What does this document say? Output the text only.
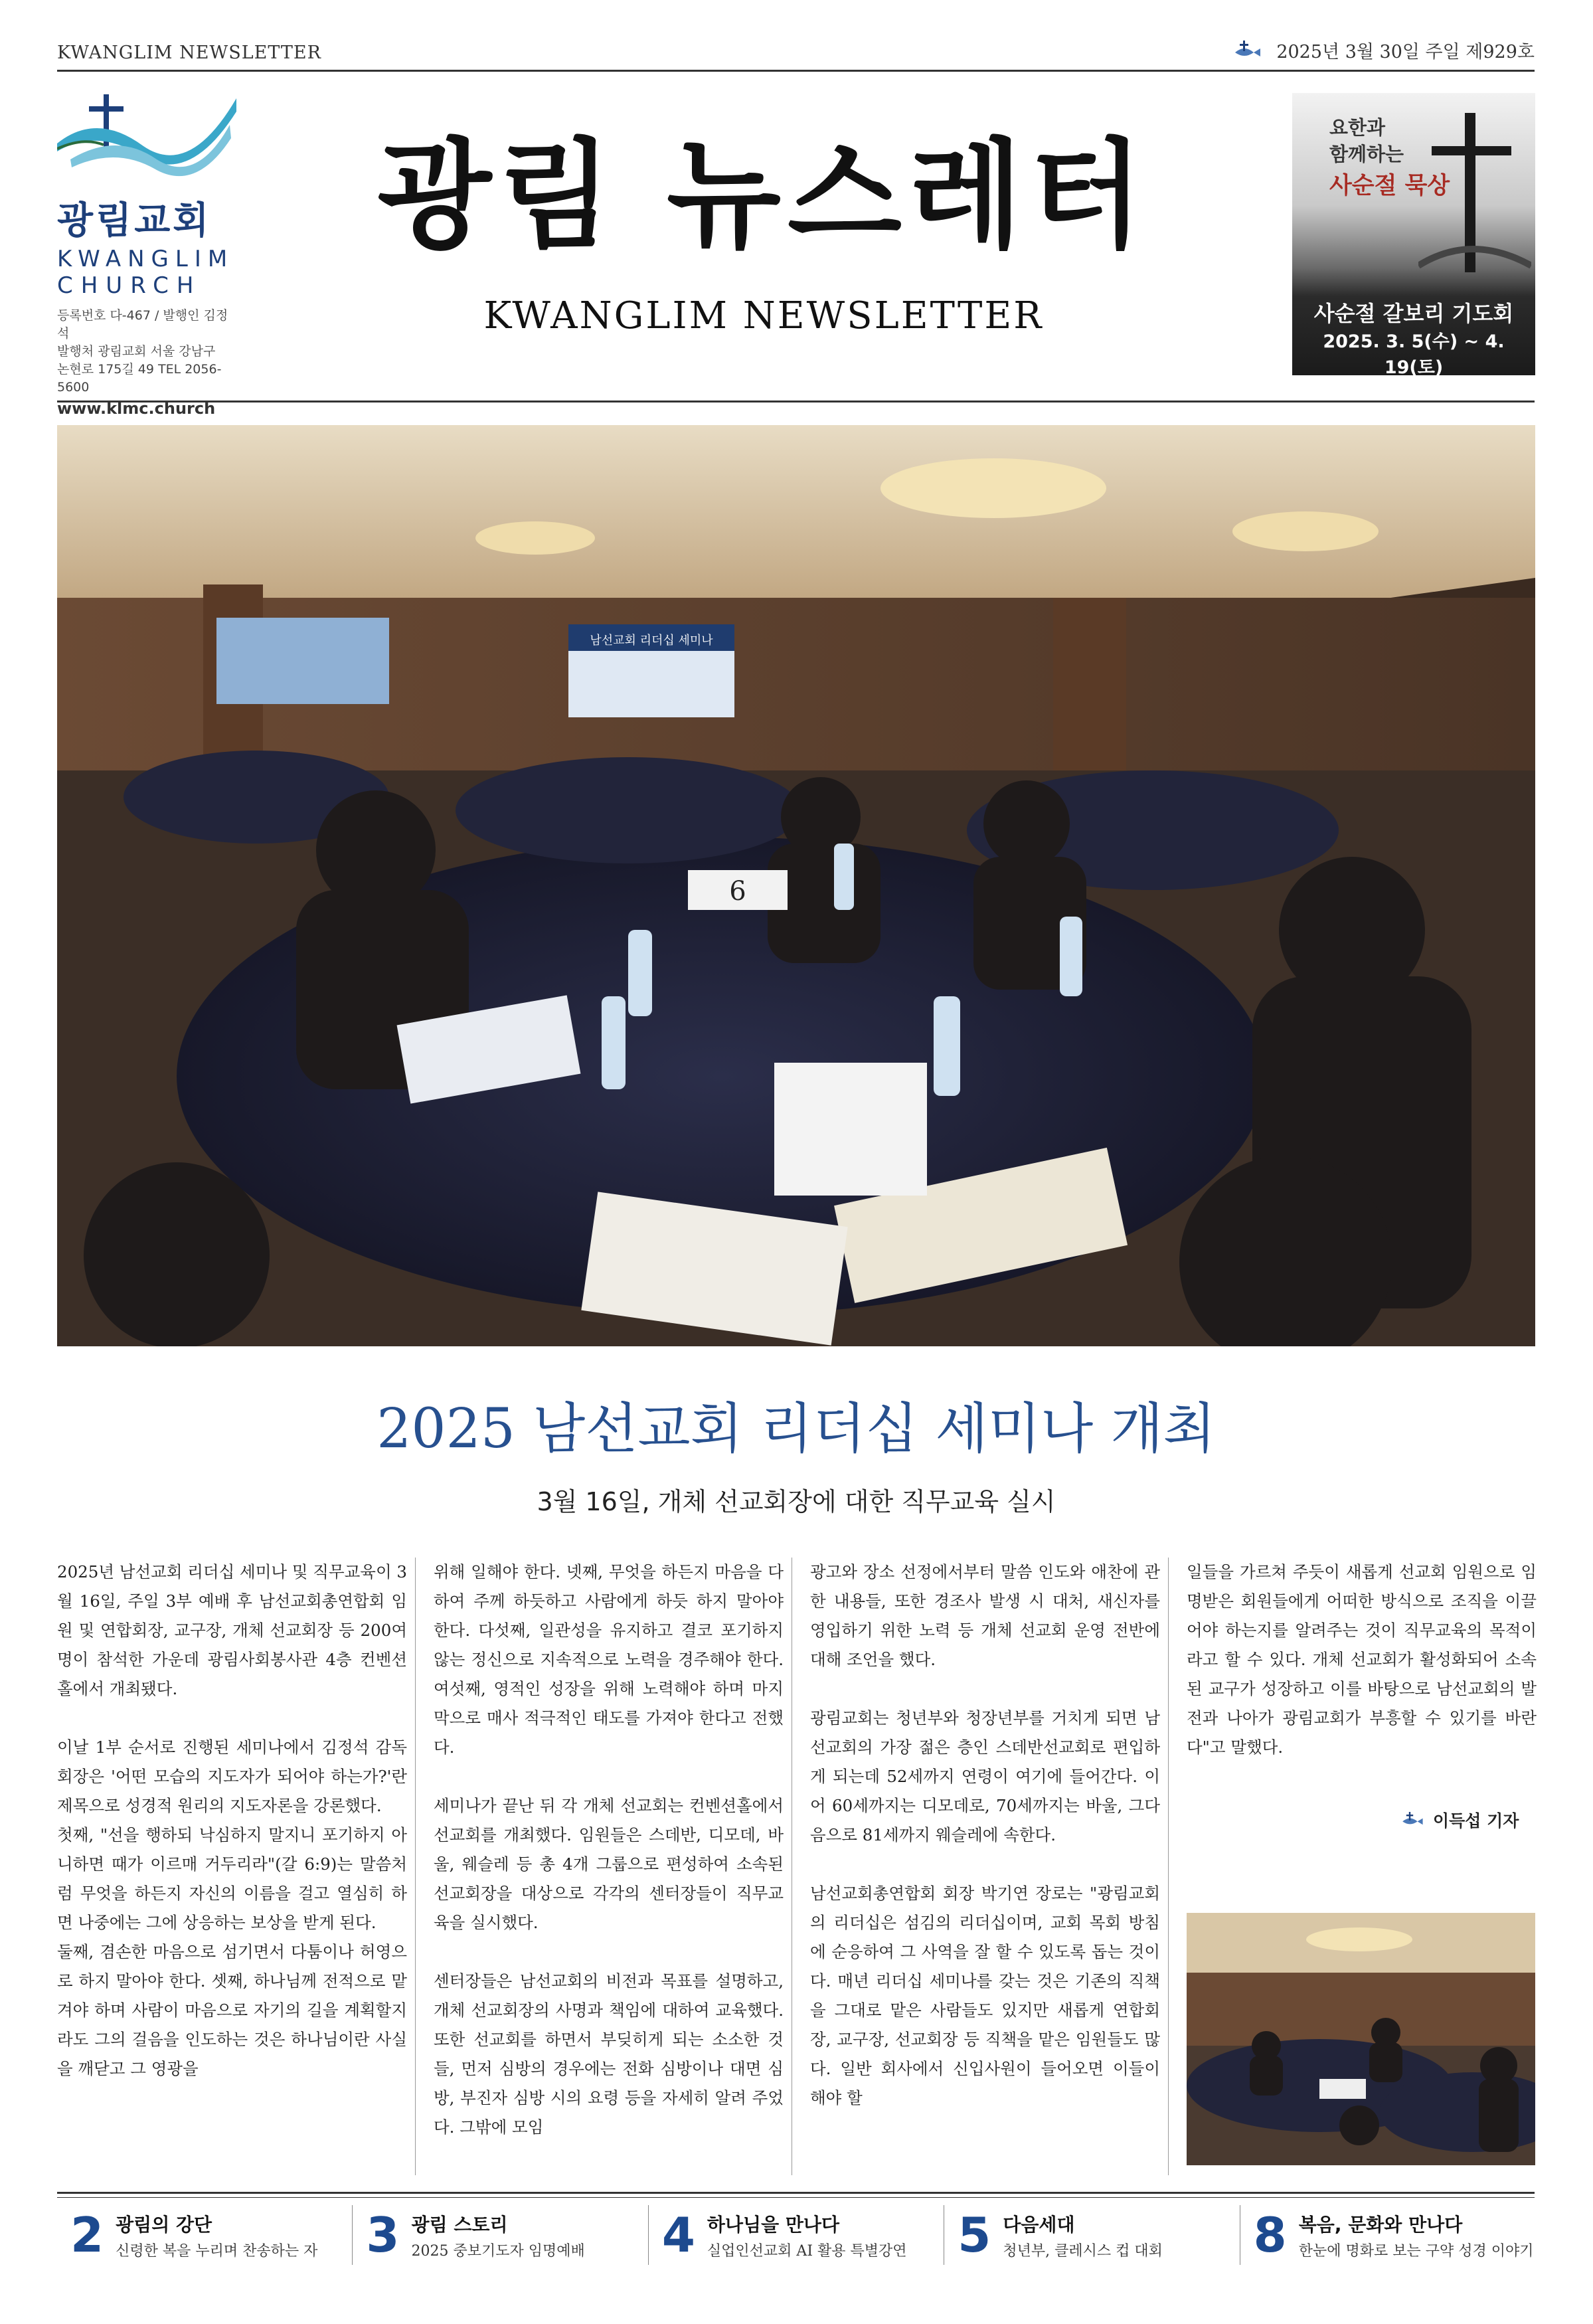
KWANGLIM NEWSLETTER	2025년 3월 30일 주일 제929호
광림교회
KWANGLIM
CHURCH
등록번호 다-467 / 발행인 김정석
발행처 광림교회 서울 강남구
논현로 175길 49 TEL 2056-5600
www.klmc.church
광림 뉴스레터
KWANGLIM NEWSLETTER
요한과
함께하는
사순절 묵상
사순절 갈보리 기도회
2025. 3. 5(수) ~ 4. 19(토)
남선교회 리더십 세미나
6
2025 남선교회 리더십 세미나 개최
3월 16일, 개체 선교회장에 대한 직무교육 실시

2025년 남선교회 리더십 세미나 및 직무교육이 3월 16일, 주일 3부 예배 후 남선교회총연합회 임원 및 연합회장, 교구장, 개체 선교회장 등 200여 명이 참석한 가운데 광림사회봉사관 4층 컨벤션홀에서 개최됐다.

이날 1부 순서로 진행된 세미나에서 김정석 감독회장은 '어떤 모습의 지도자가 되어야 하는가?'란 제목으로 성경적 원리의 지도자론을 강론했다.

첫째, "선을 행하되 낙심하지 말지니 포기하지 아니하면 때가 이르매 거두리라"(갈 6:9)는 말씀처럼 무엇을 하든지 자신의 이름을 걸고 열심히 하면 나중에는 그에 상응하는 보상을 받게 된다.

둘째, 겸손한 마음으로 섬기면서 다툼이나 허영으로 하지 말아야 한다. 셋째, 하나님께 전적으로 맡겨야 하며 사람이 마음으로 자기의 길을 계획할지라도 그의 걸음을 인도하는 것은 하나님이란 사실을 깨닫고 그 영광을

위해 일해야 한다. 넷째, 무엇을 하든지 마음을 다하여 주께 하듯하고 사람에게 하듯 하지 말아야 한다. 다섯째, 일관성을 유지하고 결코 포기하지 않는 정신으로 지속적으로 노력을 경주해야 한다. 여섯째, 영적인 성장을 위해 노력해야 하며 마지막으로 매사 적극적인 태도를 가져야 한다고 전했다.

세미나가 끝난 뒤 각 개체 선교회는 컨벤션홀에서 선교회를 개최했다. 임원들은 스데반, 디모데, 바울, 웨슬레 등 총 4개 그룹으로 편성하여 소속된 선교회장을 대상으로 각각의 센터장들이 직무교육을 실시했다.

센터장들은 남선교회의 비전과 목표를 설명하고, 개체 선교회장의 사명과 책임에 대하여 교육했다. 또한 선교회를 하면서 부딪히게 되는 소소한 것들, 먼저 심방의 경우에는 전화 심방이나 대면 심방, 부진자 심방 시의 요령 등을 자세히 알려 주었다. 그밖에 모임

광고와 장소 선정에서부터 말씀 인도와 애찬에 관한 내용들, 또한 경조사 발생 시 대처, 새신자를 영입하기 위한 노력 등 개체 선교회 운영 전반에 대해 조언을 했다.

광림교회는 청년부와 청장년부를 거치게 되면 남선교회의 가장 젊은 층인 스데반선교회로 편입하게 되는데 52세까지 연령이 여기에 들어간다. 이어 60세까지는 디모데로, 70세까지는 바울, 그다음으로 81세까지 웨슬레에 속한다.

남선교회총연합회 회장 박기연 장로는 "광림교회의 리더십은 섬김의 리더십이며, 교회 목회 방침에 순응하여 그 사역을 잘 할 수 있도록 돕는 것이다. 매년 리더십 세미나를 갖는 것은 기존의 직책을 그대로 맡은 사람들도 있지만 새롭게 연합회장, 교구장, 선교회장 등 직책을 맡은 임원들도 많다. 일반 회사에서 신입사원이 들어오면 이들이 해야 할

일들을 가르쳐 주듯이 새롭게 선교회 임원으로 임명받은 회원들에게 어떠한 방식으로 조직을 이끌어야 하는지를 알려주는 것이 직무교육의 목적이라고 할 수 있다. 개체 선교회가 활성화되어 소속된 교구가 성장하고 이를 바탕으로 남선교회의 발전과 나아가 광림교회가 부흥할 수 있기를 바란다"고 말했다.

이득섭 기자
2 광림의 강단
신령한 복을 누리며 찬송하는 자 3 광림 스토리
2025 중보기도자 임명예배 4 하나님을 만나다
실업인선교회 AI 활용 특별강연 5 다음세대
청년부, 클레시스 컵 대회 8 복음, 문화와 만나다
한눈에 명화로 보는 구약 성경 이야기
